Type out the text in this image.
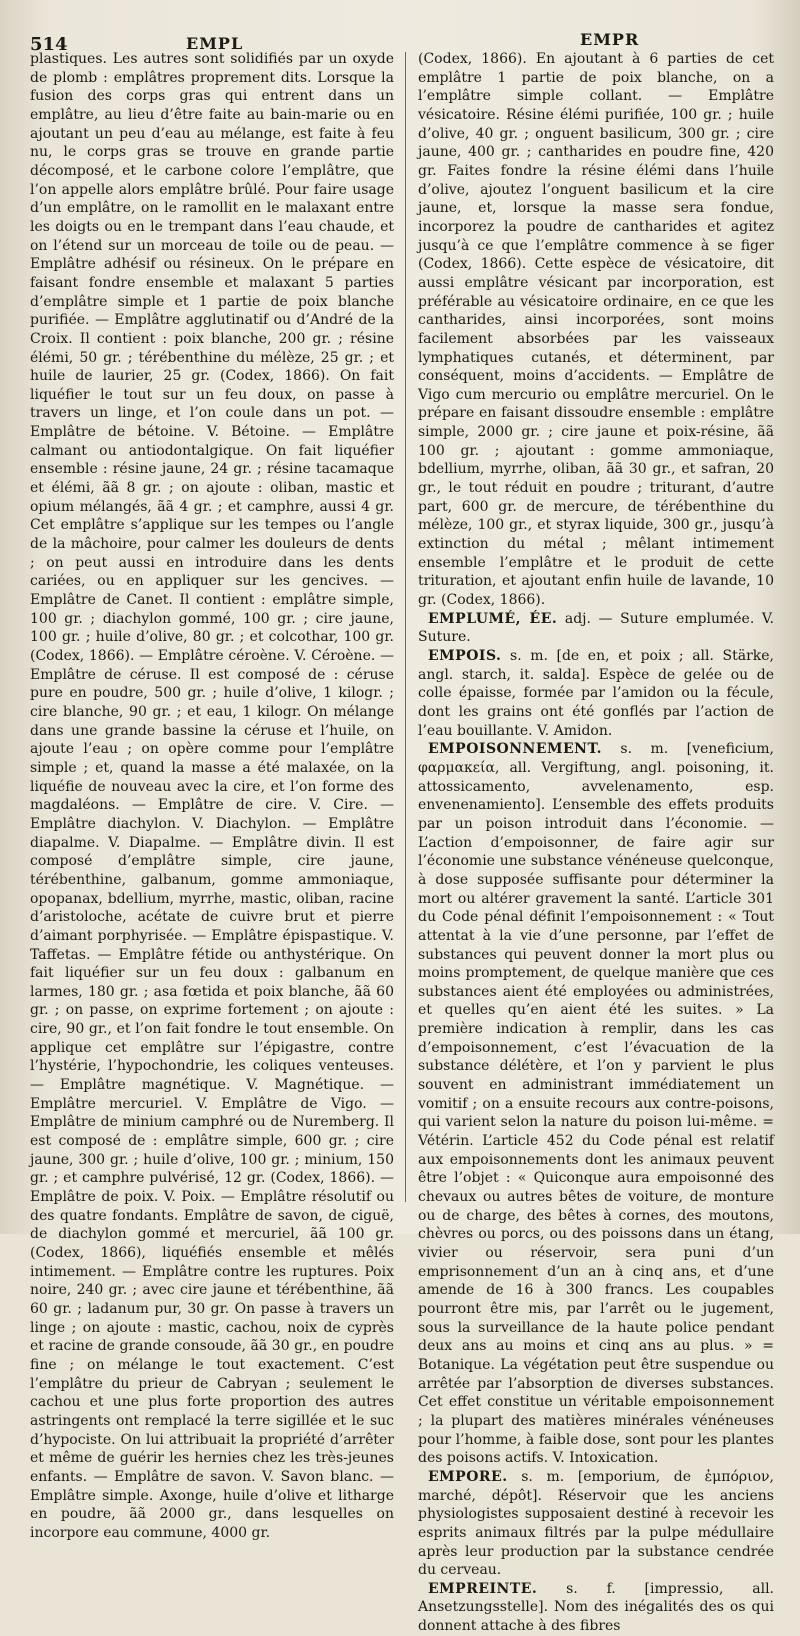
514	EMPL	EMPR

plastiques. Les autres sont solidifiés par un oxyde de plomb : emplâtres proprement dits. Lorsque la fusion des corps gras qui entrent dans un emplâtre, au lieu d’être faite au bain-marie ou en ajoutant un peu d’eau au mélange, est faite à feu nu, le corps gras se trouve en grande partie décomposé, et le carbone colore l’emplâtre, que l’on appelle alors emplâtre brûlé. Pour faire usage d’un emplâtre, on le ramollit en le malaxant entre les doigts ou en le trempant dans l’eau chaude, et on l’étend sur un morceau de toile ou de peau. — Emplâtre adhésif ou résineux. On le prépare en faisant fondre ensemble et malaxant 5 parties d’emplâtre simple et 1 partie de poix blanche purifiée. — Emplâtre agglutinatif ou d’André de la Croix. Il contient : poix blanche, 200 gr. ; résine élémi, 50 gr. ; térébenthine du mélèze, 25 gr. ; et huile de laurier, 25 gr. (Codex, 1866). On fait liquéfier le tout sur un feu doux, on passe à travers un linge, et l’on coule dans un pot. — Emplâtre de bétoine. V. Bétoine. — Emplâtre calmant ou antiodontalgique. On fait liquéfier ensemble : résine jaune, 24 gr. ; résine tacamaque et élémi, ãã 8 gr. ; on ajoute : oliban, mastic et opium mélangés, ãã 4 gr. ; et camphre, aussi 4 gr. Cet emplâtre s’applique sur les tempes ou l’angle de la mâchoire, pour calmer les douleurs de dents ; on peut aussi en introduire dans les dents cariées, ou en appliquer sur les gencives. — Emplâtre de Canet. Il contient : emplâtre simple, 100 gr. ; diachylon gommé, 100 gr. ; cire jaune, 100 gr. ; huile d’olive, 80 gr. ; et colcothar, 100 gr. (Codex, 1866). — Emplâtre céroène. V. Céroène. — Emplâtre de céruse. Il est composé de : céruse pure en poudre, 500 gr. ; huile d’olive, 1 kilogr. ; cire blanche, 90 gr. ; et eau, 1 kilogr. On mélange dans une grande bassine la céruse et l’huile, on ajoute l’eau ; on opère comme pour l’emplâtre simple ; et, quand la masse a été malaxée, on la liquéfie de nouveau avec la cire, et l’on forme des magdaléons. — Emplâtre de cire. V. Cire. — Emplâtre diachylon. V. Diachylon. — Emplâtre diapalme. V. Diapalme. — Emplâtre divin. Il est composé d’emplâtre simple, cire jaune, térébenthine, galbanum, gomme ammoniaque, opopanax, bdellium, myrrhe, mastic, oliban, racine d’aristoloche, acétate de cuivre brut et pierre d’aimant porphyrisée. — Emplâtre épispastique. V. Taffetas. — Emplâtre fétide ou anthystérique. On fait liquéfier sur un feu doux : galbanum en larmes, 180 gr. ; asa fœtida et poix blanche, ãã 60 gr. ; on passe, on exprime fortement ; on ajoute : cire, 90 gr., et l’on fait fondre le tout ensemble. On applique cet emplâtre sur l’épigastre, contre l’hystérie, l’hypochondrie, les coliques venteuses. — Emplâtre magnétique. V. Magnétique. — Emplâtre mercuriel. V. Emplâtre de Vigo. — Emplâtre de minium camphré ou de Nuremberg. Il est composé de : emplâtre simple, 600 gr. ; cire jaune, 300 gr. ; huile d’olive, 100 gr. ; minium, 150 gr. ; et camphre pulvérisé, 12 gr. (Codex, 1866). — Emplâtre de poix. V. Poix. — Emplâtre résolutif ou des quatre fondants. Emplâtre de savon, de ciguë, de diachylon gommé et mercuriel, ãã 100 gr. (Codex, 1866), liquéfiés ensemble et mêlés intimement. — Emplâtre contre les ruptures. Poix noire, 240 gr. ; avec cire jaune et térébenthine, ãã 60 gr. ; ladanum pur, 30 gr. On passe à travers un linge ; on ajoute : mastic, cachou, noix de cyprès et racine de grande consoude, ãã 30 gr., en poudre fine ; on mélange le tout exactement. C’est l’emplâtre du prieur de Cabryan ; seulement le cachou et une plus forte proportion des autres astringents ont remplacé la terre sigillée et le suc d’hypociste. On lui attribuait la propriété d’arrêter et même de guérir les hernies chez les très-jeunes enfants. — Emplâtre de savon. V. Savon blanc. — Emplâtre simple. Axonge, huile d’olive et litharge en poudre, ãã 2000 gr., dans lesquelles on incorpore eau commune, 4000 gr.

(Codex, 1866). En ajoutant à 6 parties de cet emplâtre 1 partie de poix blanche, on a l’emplâtre simple collant. — Emplâtre vésicatoire. Résine élémi purifiée, 100 gr. ; huile d’olive, 40 gr. ; onguent basilicum, 300 gr. ; cire jaune, 400 gr. ; cantharides en poudre fine, 420 gr. Faites fondre la résine élémi dans l’huile d’olive, ajoutez l’onguent basilicum et la cire jaune, et, lorsque la masse sera fondue, incorporez la poudre de cantharides et agitez jusqu’à ce que l’emplâtre commence à se figer (Codex, 1866). Cette espèce de vésicatoire, dit aussi emplâtre vésicant par incorporation, est préférable au vésicatoire ordinaire, en ce que les cantharides, ainsi incorporées, sont moins facilement absorbées par les vaisseaux lymphatiques cutanés, et déterminent, par conséquent, moins d’accidents. — Emplâtre de Vigo cum mercurio ou emplâtre mercuriel. On le prépare en faisant dissoudre ensemble : emplâtre simple, 2000 gr. ; cire jaune et poix-résine, ãã 100 gr. ; ajoutant : gomme ammoniaque, bdellium, myrrhe, oliban, ãã 30 gr., et safran, 20 gr., le tout réduit en poudre ; triturant, d’autre part, 600 gr. de mercure, de térébenthine du mélèze, 100 gr., et styrax liquide, 300 gr., jusqu’à extinction du métal ; mêlant intimement ensemble l’emplâtre et le produit de cette trituration, et ajoutant enfin huile de lavande, 10 gr. (Codex, 1866).

EMPLUMÉ, ÉE. adj. — Suture emplumée. V. Suture.

EMPOIS. s. m. [de en, et poix ; all. Stärke, angl. starch, it. salda]. Espèce de gelée ou de colle épaisse, formée par l’amidon ou la fécule, dont les grains ont été gonflés par l’action de l’eau bouillante. V. Amidon.

EMPOISONNEMENT. s. m. [veneficium, φαρμακεία, all. Vergiftung, angl. poisoning, it. attossicamento, avvelenamento, esp. envenenamiento]. L’ensemble des effets produits par un poison introduit dans l’économie. — L’action d’empoisonner, de faire agir sur l’économie une substance vénéneuse quelconque, à dose supposée suffisante pour déterminer la mort ou altérer gravement la santé. L’article 301 du Code pénal définit l’empoisonnement : « Tout attentat à la vie d’une personne, par l’effet de substances qui peuvent donner la mort plus ou moins promptement, de quelque manière que ces substances aient été employées ou administrées, et quelles qu’en aient été les suites. » La première indication à remplir, dans les cas d’empoisonnement, c’est l’évacuation de la substance délétère, et l’on y parvient le plus souvent en administrant immédiatement un vomitif ; on a ensuite recours aux contre-poisons, qui varient selon la nature du poison lui-même. = Vétérin. L’article 452 du Code pénal est relatif aux empoisonnements dont les animaux peuvent être l’objet : « Quiconque aura empoisonné des chevaux ou autres bêtes de voiture, de monture ou de charge, des bêtes à cornes, des moutons, chèvres ou porcs, ou des poissons dans un étang, vivier ou réservoir, sera puni d’un emprisonnement d’un an à cinq ans, et d’une amende de 16 à 300 francs. Les coupables pourront être mis, par l’arrêt ou le jugement, sous la surveillance de la haute police pendant deux ans au moins et cinq ans au plus. » = Botanique. La végétation peut être suspendue ou arrêtée par l’absorption de diverses substances. Cet effet constitue un véritable empoisonnement ; la plupart des matières minérales vénéneuses pour l’homme, à faible dose, sont pour les plantes des poisons actifs. V. Intoxication.

EMPORE. s. m. [emporium, de ἐμπόριον, marché, dépôt]. Réservoir que les anciens physiologistes supposaient destiné à recevoir les esprits animaux filtrés par la pulpe médullaire après leur production par la substance cendrée du cerveau.

EMPREINTE. s. f. [impressio, all. Ansetzungsstelle]. Nom des inégalités des os qui donnent attache à des fibres
